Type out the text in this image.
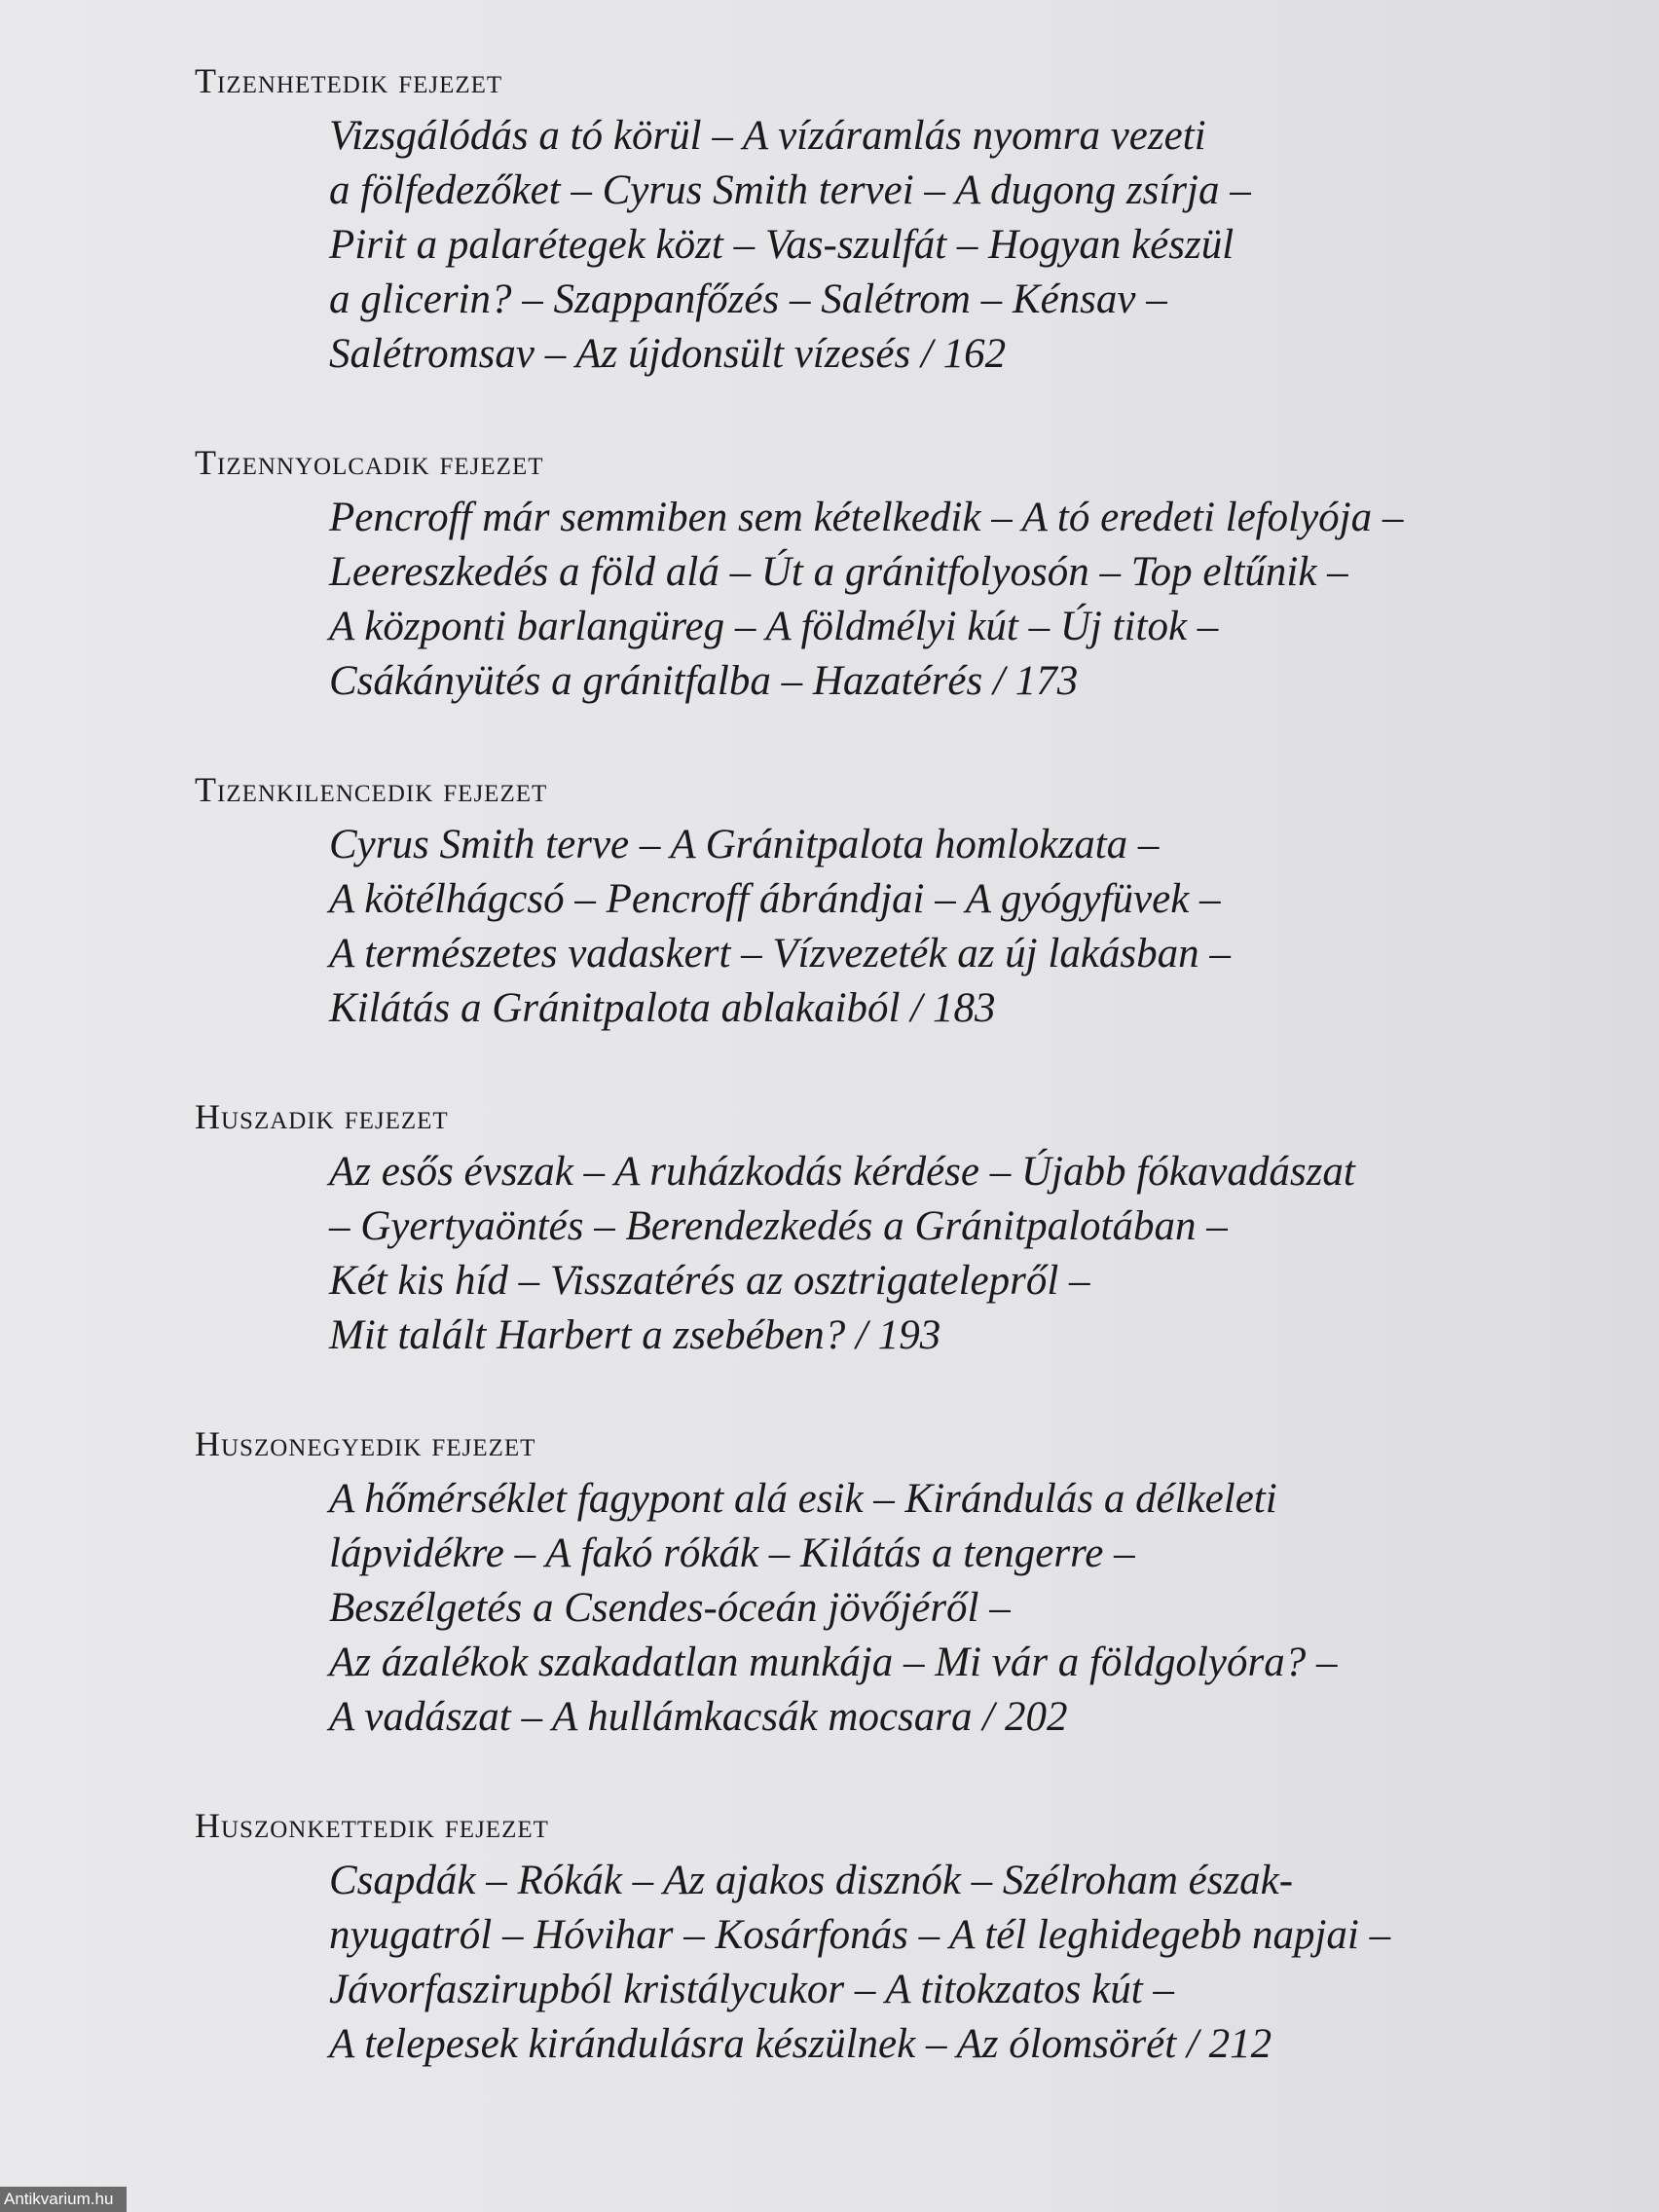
Tizenhetedik fejezet
Vizsgálódás a tó körül – A vízáramlás nyomra vezeti
a fölfedezőket – Cyrus Smith tervei – A dugong zsírja –
Pirit a palarétegek közt – Vas-szulfát – Hogyan készül
a glicerin? – Szappanfőzés – Salétrom – Kénsav –
Salétromsav – Az újdonsült vízesés / 162
Tizennyolcadik fejezet
Pencroff már semmiben sem kételkedik – A tó eredeti lefolyója –
Leereszkedés a föld alá – Út a gránitfolyosón – Top eltűnik –
A központi barlangüreg – A földmélyi kút – Új titok –
Csákányütés a gránitfalba – Hazatérés / 173
Tizenkilencedik fejezet
Cyrus Smith terve – A Gránitpalota homlokzata –
A kötélhágcsó – Pencroff ábrándjai – A gyógyfüvek –
A természetes vadaskert – Vízvezeték az új lakásban –
Kilátás a Gránitpalota ablakaiból / 183
Huszadik fejezet
Az esős évszak – A ruházkodás kérdése – Újabb fókavadászat
– Gyertyaöntés – Berendezkedés a Gránitpalotában –
Két kis híd – Visszatérés az osztrigatelepről –
Mit talált Harbert a zsebében? / 193
Huszonegyedik fejezet
A hőmérséklet fagypont alá esik – Kirándulás a délkeleti
lápvidékre – A fakó rókák – Kilátás a tengerre –
Beszélgetés a Csendes-óceán jövőjéről –
Az ázalékok szakadatlan munkája – Mi vár a földgolyóra? –
A vadászat – A hullámkacsák mocsara / 202
Huszonkettedik fejezet
Csapdák – Rókák – Az ajakos disznók – Szélroham észak-
nyugatról – Hóvihar – Kosárfonás – A tél leghidegebb napjai –
Jávorfaszirupból kristálycukor – A titokzatos kút –
A telepesek kirándulásra készülnek – Az ólomsörét / 212
Antikvarium.hu
